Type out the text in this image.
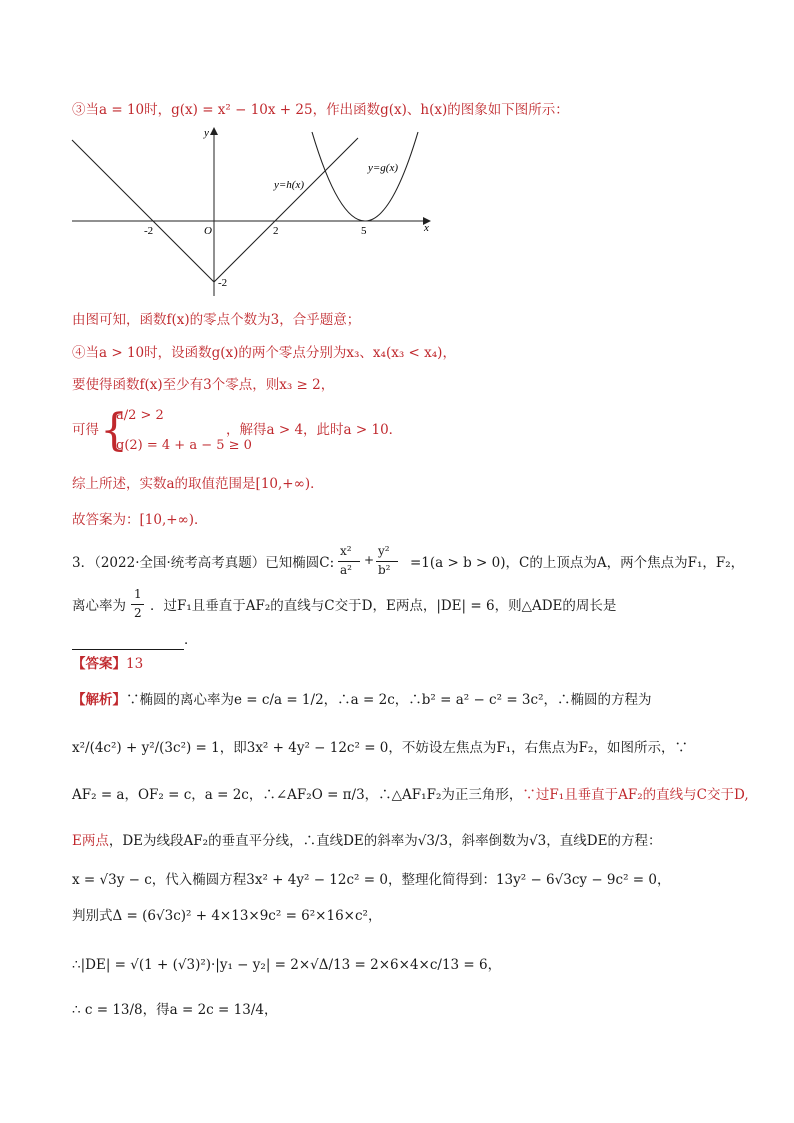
③当a = 10时，g(x) = x² − 10x + 25，作出函数g(x)、h(x)的图象如下图所示：
x
y
O
-2	2	5
-2
y=h(x)
y=g(x)
由图可知，函数f(x)的零点个数为3，合乎题意；
④当a > 10时，设函数g(x)的两个零点分别为x₃、x₄(x₃ < x₄)，
要使得函数f(x)至少有3个零点，则x₃ ≥ 2，
可得 {
a/2 > 2
g(2) = 4 + a − 5 ≥ 0
，解得a > 4，此时a > 10．
综上所述，实数a的取值范围是[10,+∞)．
故答案为：[10,+∞)．
3．（2022·全国·统考高考真题）已知椭圆C:
x²
a²
+
y²
b² =1(a > b > 0)，C的上顶点为A，两个焦点为F₁，F₂，
离心率为
1
2 ．过F₁且垂直于AF₂的直线与C交于D，E两点，|DE| = 6，则△ADE的周长是
．
【答案】13
【解析】∵椭圆的离心率为e = c/a = 1/2，∴a = 2c，∴b² = a² − c² = 3c²，∴椭圆的方程为
x²/(4c²) + y²/(3c²) = 1，即3x² + 4y² − 12c² = 0，不妨设左焦点为F₁，右焦点为F₂，如图所示，∵
AF₂ = a，OF₂ = c，a = 2c，∴∠AF₂O = π/3，∴△AF₁F₂为正三角形，∵过F₁且垂直于AF₂的直线与C交于D,
E两点，DE为线段AF₂的垂直平分线，∴直线DE的斜率为√3/3，斜率倒数为√3，直线DE的方程：
x = √3y − c，代入椭圆方程3x² + 4y² − 12c² = 0，整理化简得到：13y² − 6√3cy − 9c² = 0，
判别式Δ = (6√3c)² + 4×13×9c² = 6²×16×c²，
∴|DE| = √(1 + (√3)²)·|y₁ − y₂| = 2×√Δ/13 = 2×6×4×c/13 = 6，
∴ c = 13/8，得a = 2c = 13/4，
